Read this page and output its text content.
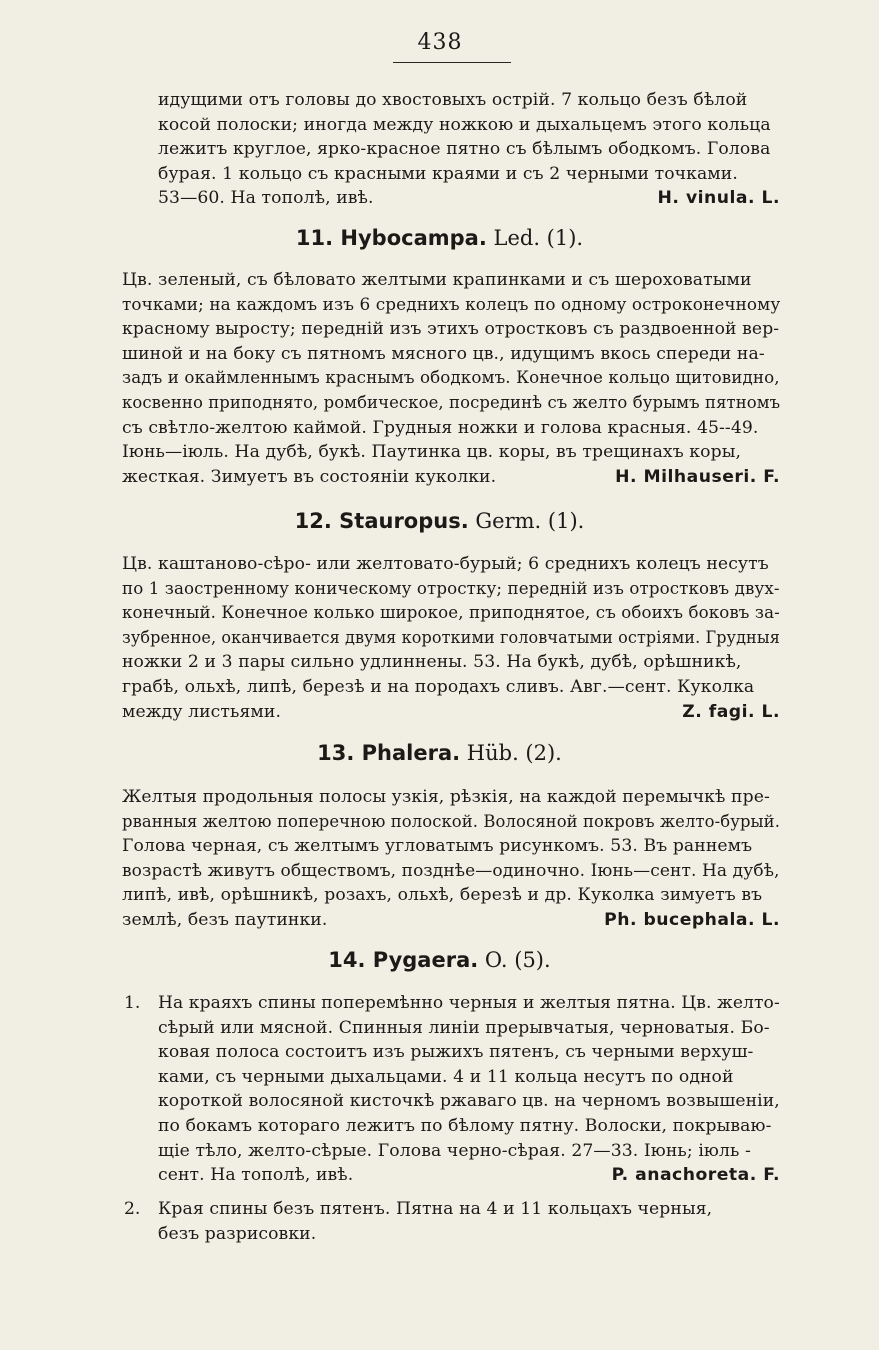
438
идущими отъ головы до хвостовыхъ острій. 7 кольцо безъ бѣлой
косой полоски; иногда между ножкою и дыхальцемъ этого кольца
лежитъ круглое, ярко-красное пятно съ бѣлымъ ободкомъ. Голова
бурая. 1 кольцо съ красными краями и съ 2 черными точками.
53—60. На тополѣ, ивѣ.	H. vinula. L.
11. Hybocampa. Led. (1).
Цв. зеленый, съ бѣловато желтыми крапинками и съ шероховатыми
точками; на каждомъ изъ 6 среднихъ колецъ по одному остроконечному
красному выросту; передній изъ этихъ отростковъ съ раздвоенной вер-
шиной и на боку съ пятномъ мясного цв., идущимъ вкось спереди на-
задъ и окаймленнымъ краснымъ ободкомъ. Конечное кольцо щитовидно,
косвенно приподнято, ромбическое, посрединѣ съ желто бурымъ пятномъ
съ свѣтло-желтою каймой. Грудныя ножки и голова красныя. 45--49.
Іюнь—іюль. На дубѣ, букѣ. Паутинка цв. коры, въ трещинахъ коры,
жесткая. Зимуетъ въ состояніи куколки.	H. Milhauseri. F.
12. Stauropus. Germ. (1).
Цв. каштаново-сѣро- или желтовато-бурый; 6 среднихъ колецъ несутъ
по 1 заостренному коническому отростку; передній изъ отростковъ двух-
конечный. Конечное колько широкое, приподнятое, съ обоихъ боковъ за-
зубренное, оканчивается двумя короткими головчатыми остріями. Грудныя
ножки 2 и 3 пары сильно удлиннены. 53. На букѣ, дубѣ, орѣшникѣ,
грабѣ, ольхѣ, липѣ, березѣ и на породахъ сливъ. Авг.—сент. Куколка
между листьями.	Z. fagi. L.
13. Phalera. Hüb. (2).
Желтыя продольныя полосы узкія, рѣзкія, на каждой перемычкѣ пре-
рванныя желтою поперечною полоской. Волосяной покровъ желто-бурый.
Голова черная, съ желтымъ угловатымъ рисункомъ. 53. Въ раннемъ
возрастѣ живутъ обществомъ, позднѣе—одиночно. Іюнь—сент. На дубѣ,
липѣ, ивѣ, орѣшникѣ, розахъ, ольхѣ, березѣ и др. Куколка зимуетъ въ
землѣ, безъ паутинки.	Ph. bucephala. L.
14. Pygaera. O. (5).
1. На краяхъ спины поперемѣнно черныя и желтыя пятна. Цв. желто-
сѣрый или мясной. Спинныя линіи прерывчатыя, черноватыя. Бо-
ковая полоса состоитъ изъ рыжихъ пятенъ, съ черными верхуш-
ками, съ черными дыхальцами. 4 и 11 кольца несутъ по одной
короткой волосяной кисточкѣ ржаваго цв. на черномъ возвышеніи,
по бокамъ котораго лежитъ по бѣлому пятну. Волоски, покрываю-
щіе тѣло, желто-сѣрые. Голова черно-сѣрая. 27—33. Іюнь; іюль -
сент. На тополѣ, ивѣ.	P. anachoreta. F.
2. Края спины безъ пятенъ. Пятна на 4 и 11 кольцахъ черныя,
безъ разрисовки.
